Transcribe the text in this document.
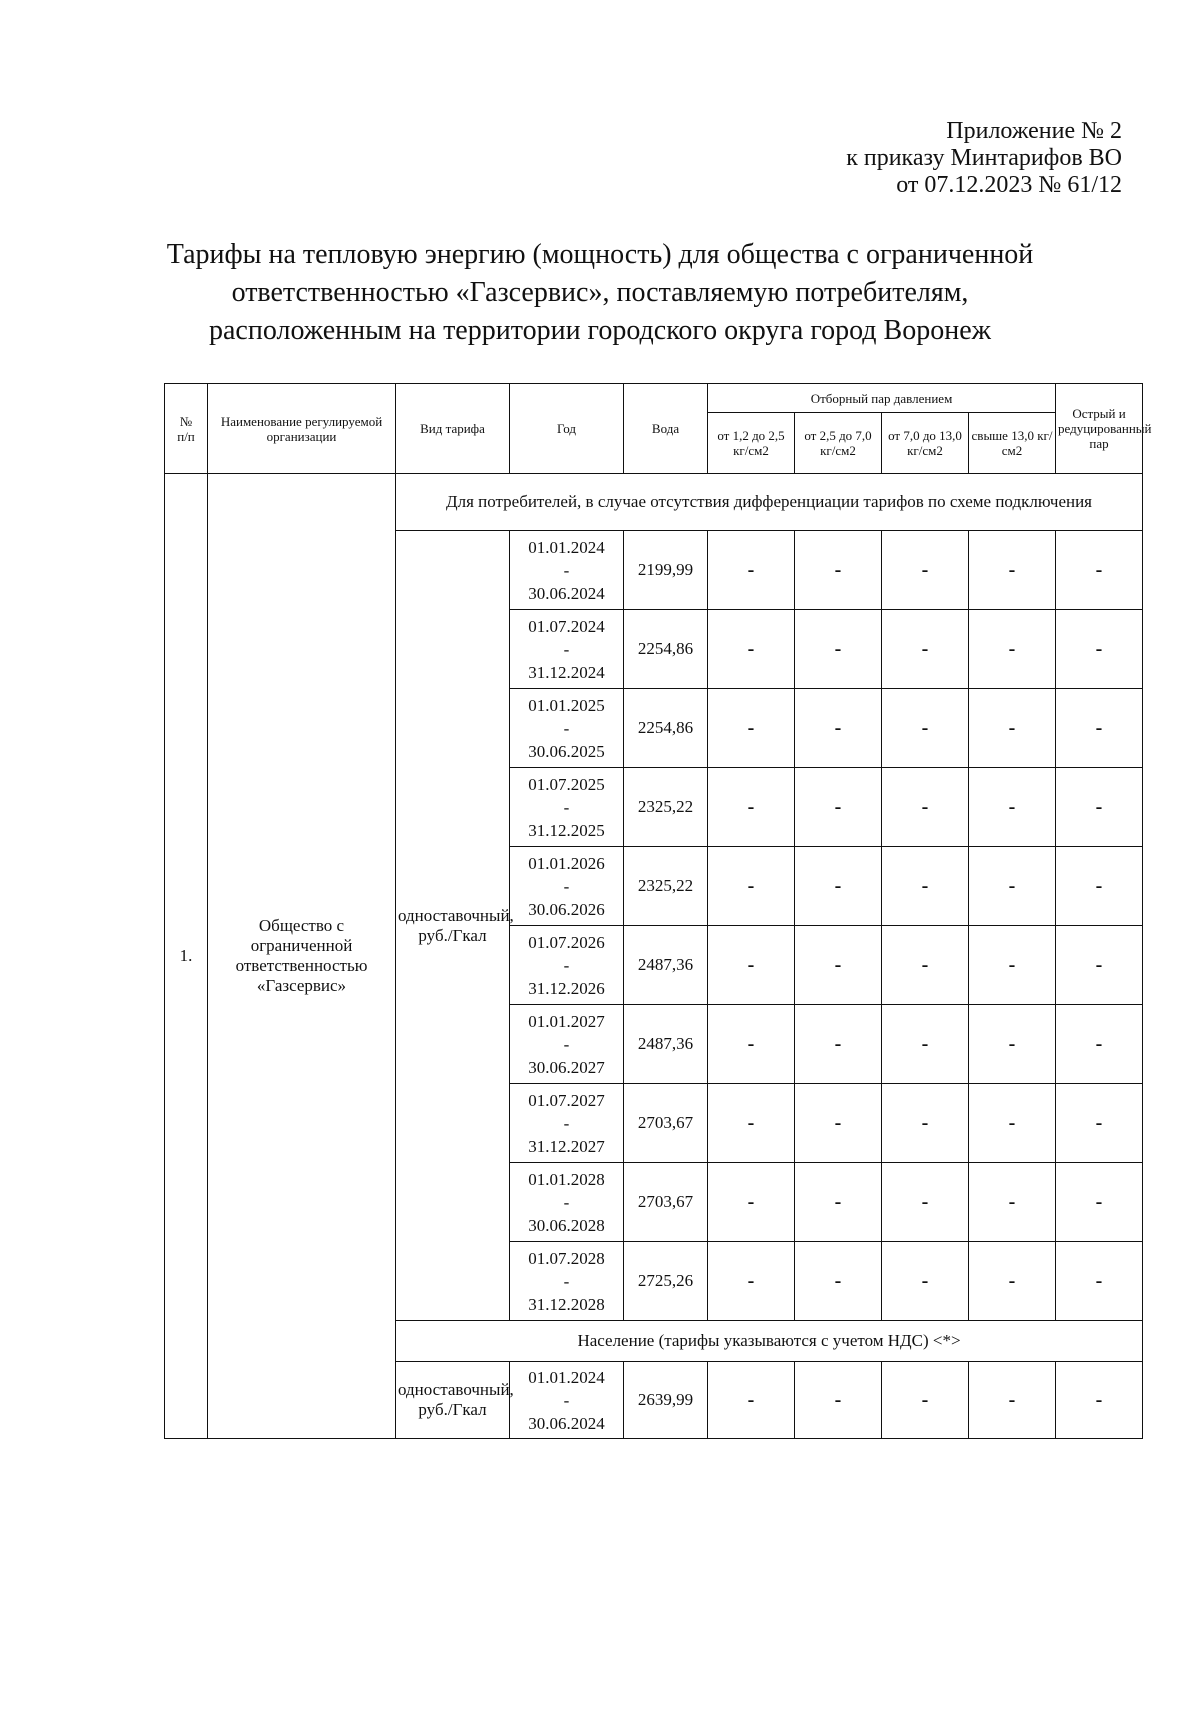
Приложение № 2
к приказу Минтарифов ВО
от 07.12.2023 № 61/12
Тарифы на тепловую энергию (мощность) для общества с ограниченной
ответственностью «Газсервис», поставляемую потребителям,
расположенным на территории городского округа город Воронеж
№
п/п	Наименование регулируемой организации	Вид тарифа	Год	Вода	Отборный пар давлением				Острый и редуцированный пар
					от 1,2 до 2,5 кг/см2	от 2,5 до 7,0 кг/см2	от 7,0 до 13,0 кг/см2	свыше 13,0 кг/см2	
1.	Общество с ограниченной ответственностью «Газсервис»	Для потребителей, в случае отсутствия дифференциации тарифов по схеме подключения							
		одноставочный, руб./Гкал	01.01.2024
-
30.06.2024	2199,99	-	-	-	-	-

			01.07.2024
-
31.12.2024	2254,86	-	-	-	-	-

			01.01.2025
-
30.06.2025	2254,86	-	-	-	-	-

			01.07.2025
-
31.12.2025	2325,22	-	-	-	-	-

			01.01.2026
-
30.06.2026	2325,22	-	-	-	-	-

			01.07.2026
-
31.12.2026	2487,36	-	-	-	-	-

			01.01.2027
-
30.06.2027	2487,36	-	-	-	-	-

			01.07.2027
-
31.12.2027	2703,67	-	-	-	-	-

			01.01.2028
-
30.06.2028	2703,67	-	-	-	-	-

			01.07.2028
-
31.12.2028	2725,26	-	-	-	-	-
		Население (тарифы указываются с учетом НДС) <*>							
		одноставочный, руб./Гкал	01.01.2024
-
30.06.2024	2639,99	-	-	-	-	-
